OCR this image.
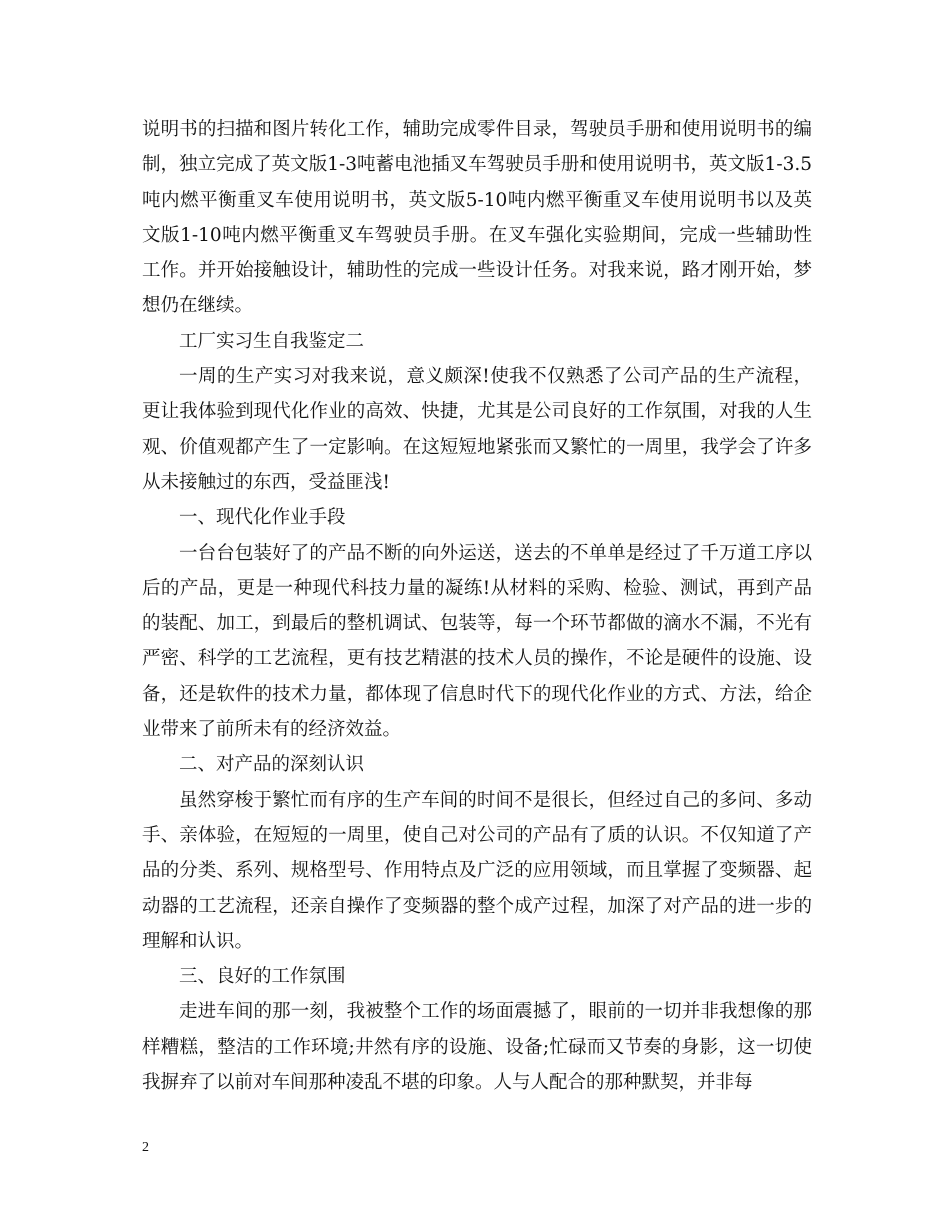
说明书的扫描和图片转化工作，辅助完成零件目录，驾驶员手册和使用说明书的编制，独立完成了英文版1-3吨蓄电池插叉车驾驶员手册和使用说明书，英文版1-3.5吨内燃平衡重叉车使用说明书，英文版5-10吨内燃平衡重叉车使用说明书以及英文版1-10吨内燃平衡重叉车驾驶员手册。在叉车强化实验期间，完成一些辅助性工作。并开始接触设计，辅助性的完成一些设计任务。对我来说，路才刚开始，梦想仍在继续。

工厂实习生自我鉴定二

一周的生产实习对我来说，意义颇深!使我不仅熟悉了公司产品的生产流程，更让我体验到现代化作业的高效、快捷，尤其是公司良好的工作氛围，对我的人生观、价值观都产生了一定影响。在这短短地紧张而又繁忙的一周里，我学会了许多从未接触过的东西，受益匪浅!

一、现代化作业手段

一台台包装好了的产品不断的向外运送，送去的不单单是经过了千万道工序以后的产品，更是一种现代科技力量的凝练!从材料的采购、检验、测试，再到产品的装配、加工，到最后的整机调试、包装等，每一个环节都做的滴水不漏，不光有严密、科学的工艺流程，更有技艺精湛的技术人员的操作，不论是硬件的设施、设备，还是软件的技术力量，都体现了信息时代下的现代化作业的方式、方法，给企业带来了前所未有的经济效益。

二、对产品的深刻认识

虽然穿梭于繁忙而有序的生产车间的时间不是很长，但经过自己的多问、多动手、亲体验，在短短的一周里，使自己对公司的产品有了质的认识。不仅知道了产品的分类、系列、规格型号、作用特点及广泛的应用领域，而且掌握了变频器、起动器的工艺流程，还亲自操作了变频器的整个成产过程，加深了对产品的进一步的理解和认识。

三、良好的工作氛围

走进车间的那一刻，我被整个工作的场面震撼了，眼前的一切并非我想像的那样糟糕，整洁的工作环境;井然有序的设施、设备;忙碌而又节奏的身影，这一切使我摒弃了以前对车间那种凌乱不堪的印象。人与人配合的那种默契，并非每

2
